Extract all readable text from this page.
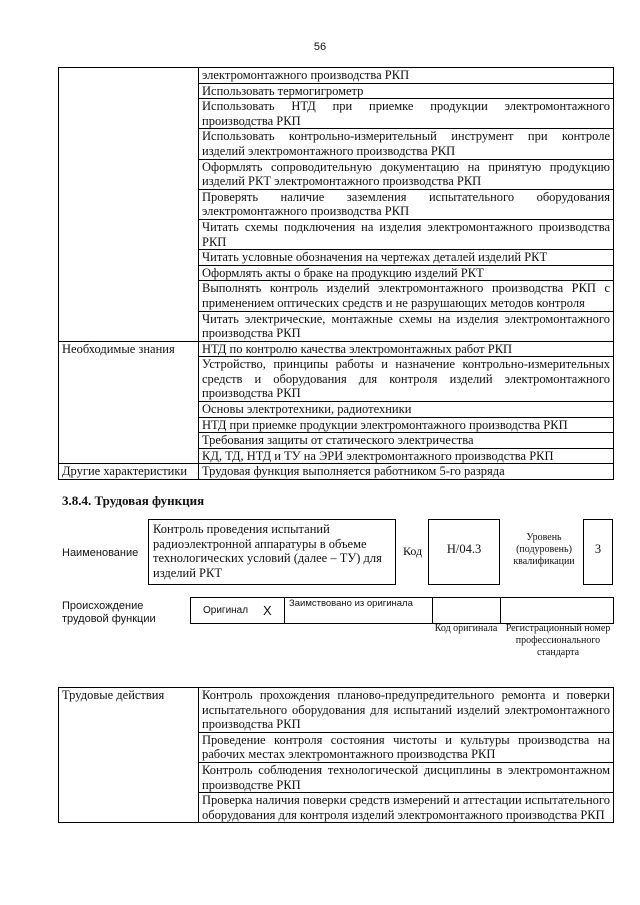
56
	электромонтажного производства РКП
	Использовать термогигрометр
	Использовать НТД при приемке продукции электромонтажного производства РКП
	Использовать контрольно-измерительный инструмент при контроле изделий электромонтажного производства РКП
	Оформлять сопроводительную документацию на принятую продукцию изделий РКТ электромонтажного производства РКП
	Проверять наличие заземления испытательного оборудования электромонтажного производства РКП
	Читать схемы подключения на изделия электромонтажного производства РКП
	Читать условные обозначения на чертежах деталей изделий РКТ
	Оформлять акты о браке на продукцию изделий РКТ
	Выполнять контроль изделий электромонтажного производства РКП с применением оптических средств и не разрушающих методов контроля
	Читать электрические, монтажные схемы на изделия электромонтажного производства РКП
Необходимые знания	НТД по контролю качества электромонтажных работ РКП
	Устройство, принципы работы и назначение контрольно-измерительных средств и оборудования для контроля изделий электромонтажного производства РКП
	Основы электротехники, радиотехники
	НТД при приемке продукции электромонтажного производства РКП
	Требования защиты от статического электричества
	КД, ТД, НТД и ТУ на ЭРИ электромонтажного производства РКП
Другие характеристики	Трудовая функция выполняется работником 5-го разряда
3.8.4. Трудовая функция
Наименование
Контроль проведения испытаний радиоэлектронной аппаратуры в объеме технологических условий (далее – ТУ) для изделий РКТ
Код	Н/04.3
Уровень (подуровень) квалификации
3
Происхождение трудовой функции
Оригинал X	Заимствовано из оригинала
Код оригинала Регистрационный номер профессионального стандарта
Трудовые действия	Контроль прохождения планово-предупредительного ремонта и поверки испытательного оборудования для испытаний изделий электромонтажного производства РКП
Проведение контроля состояния чистоты и культуры производства на рабочих местах электромонтажного производства РКП
Контроль соблюдения технологической дисциплины в электромонтажном производстве РКП
Проверка наличия поверки средств измерений и аттестации испытательного оборудования для контроля изделий электромонтажного производства РКП
